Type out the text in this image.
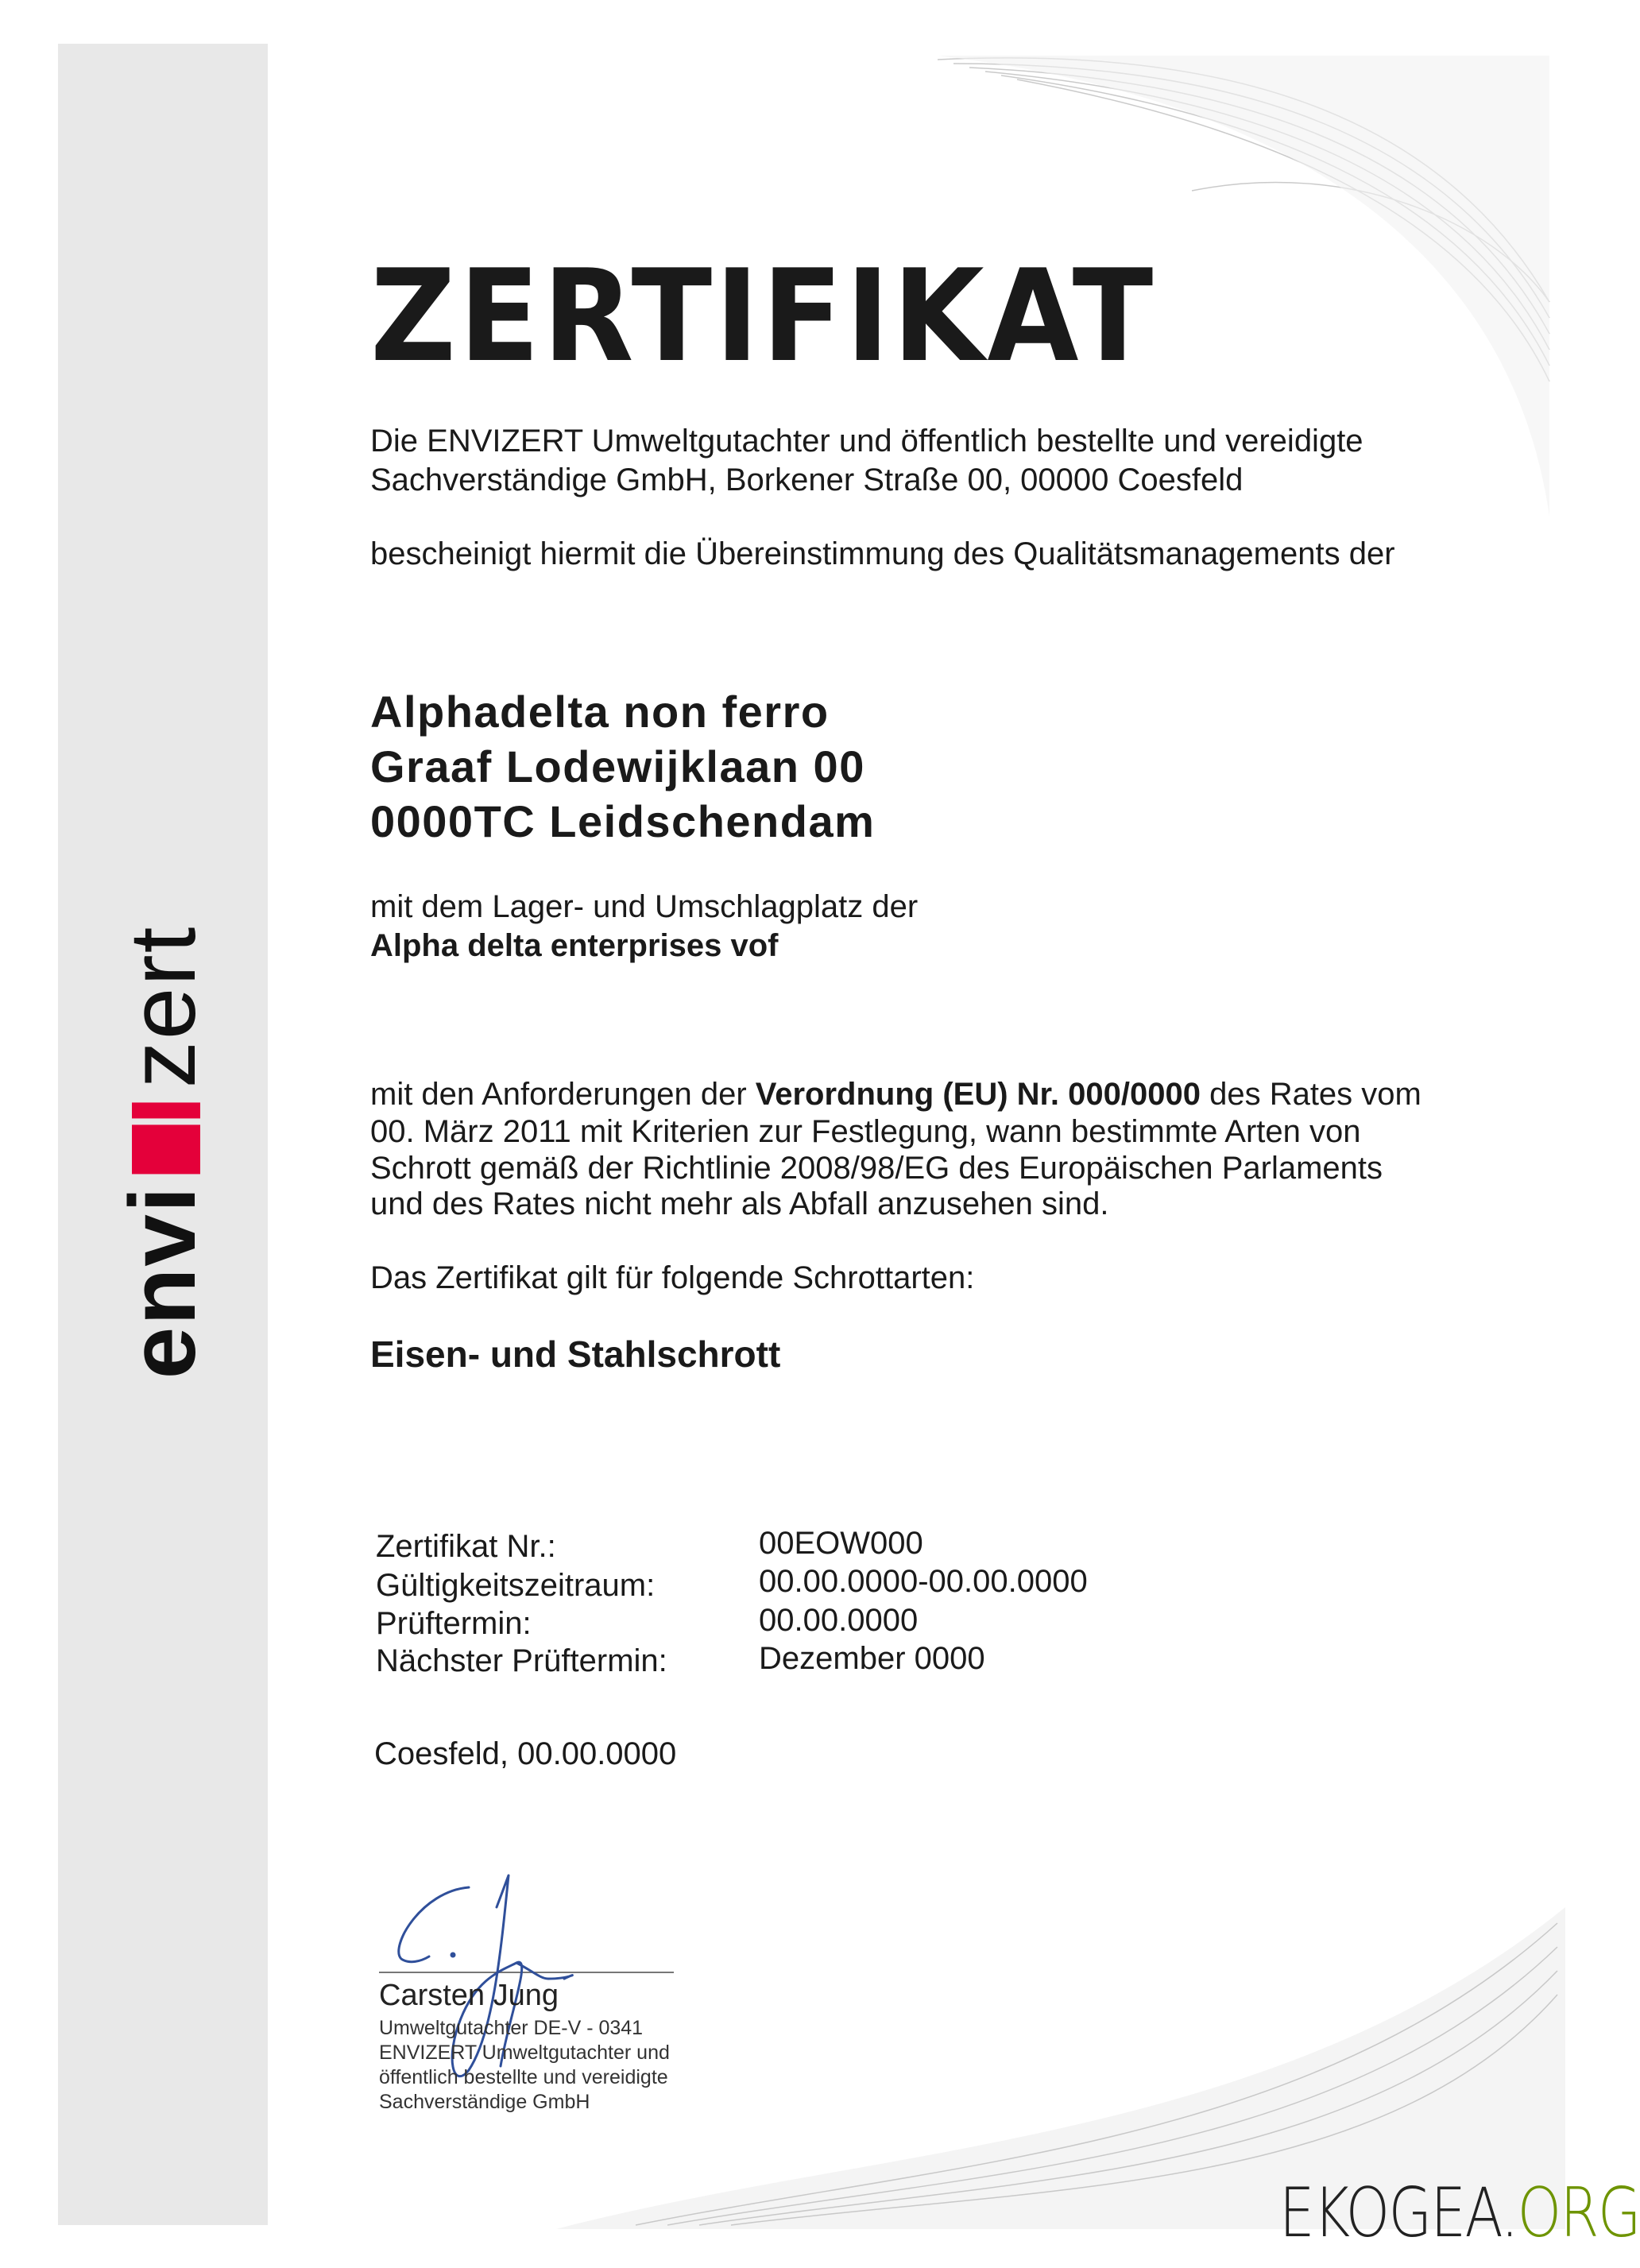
envi
zert
ZERTIFIKAT
Die ENVIZERT Umweltgutachter und öffentlich bestellte und vereidigte
Sachverständige GmbH, Borkener Straße 00, 00000 Coesfeld
bescheinigt hiermit die Übereinstimmung des Qualitätsmanagements der
Alphadelta non ferro
Graaf Lodewijklaan 00
0000TC Leidschendam
mit dem Lager- und Umschlagplatz der
Alpha delta enterprises vof
mit den Anforderungen der Verordnung (EU) Nr. 000/0000 des Rates vom
00. März 2011 mit Kriterien zur Festlegung, wann bestimmte Arten von
Schrott gemäß der Richtlinie 2008/98/EG des Europäischen Parlaments
und des Rates nicht mehr als Abfall anzusehen sind.
Das Zertifikat gilt für folgende Schrottarten:
Eisen- und Stahlschrott
Zertifikat Nr.:	00EOW000
Gültigkeitszeitraum:	00.00.0000-00.00.0000
Prüftermin:	00.00.0000
Nächster Prüftermin:	Dezember 0000
Coesfeld, 00.00.0000
Carsten Jung
Umweltgutachter DE-V - 0341
ENVIZERT Umweltgutachter und
öffentlich bestellte und vereidigte
Sachverständige GmbH
EKOGEA.ORG
